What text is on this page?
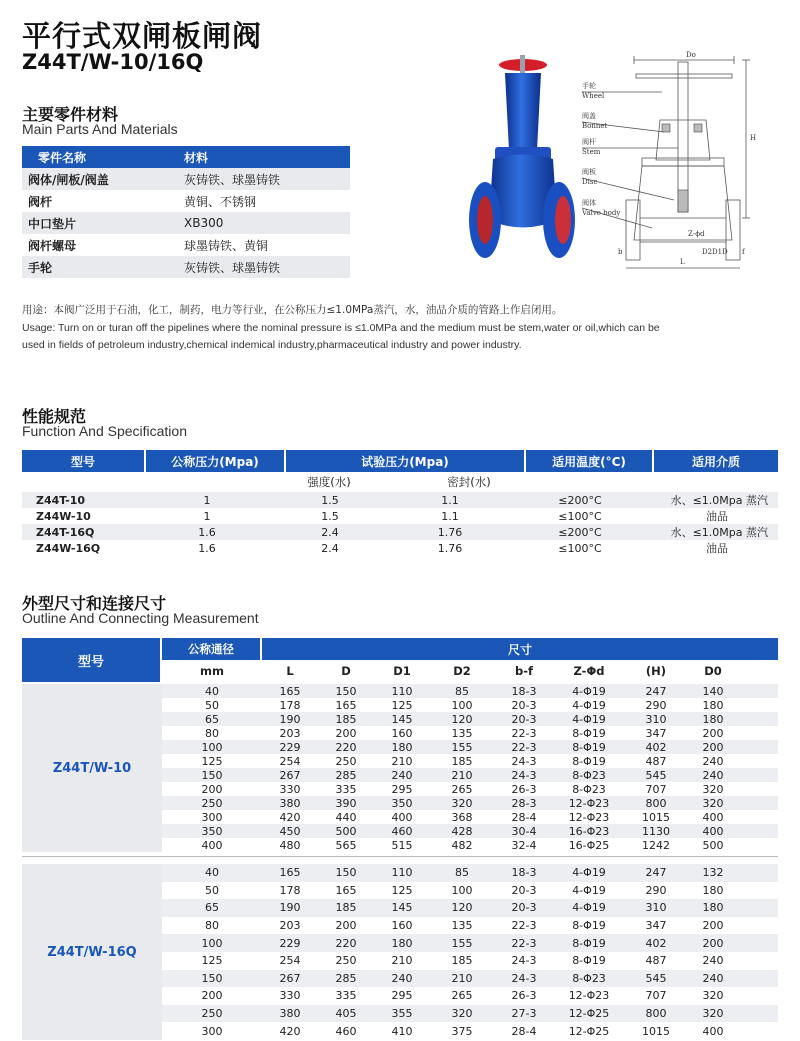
平行式双闸板闸阀
Z44T/W-10/16Q
主要零件材料
Main Parts And Materials
零件名称	材料
阀体/闸板/阀盖	灰铸铁、球墨铸铁
阀杆	黄铜、不锈钢
中口垫片	XB300
阀杆螺母	球墨铸铁、黄铜
手轮	灰铸铁、球墨铸铁
Do
H
L
手轮
Wheel
阀盖
Bonnet
阀杆
Stem
阀板
Disc
阀体
Valve body
b	D2 D1 D
Z-ϕd
f
用途：本阀广泛用于石油，化工，制药，电力等行业，在公称压力≤1.0MPa蒸汽，水，油品介质的管路上作启闭用。
Usage: Turn on or turan off the pipelines where the nominal pressure is ≤1.0MPa and the medium must be stem,water or oil,which can be used in fields of petroleum industry,chemical indemical industry,pharmaceutical industry and power industry.
性能规范
Function And Specification
型号	公称压力(Mpa)	试验压力(Mpa)	适用温度(°C)	适用介质
强度(水)	密封(水)
Z44T-10	1	1.5	1.1	≤200°C	水、≤1.0Mpa 蒸汽
Z44W-10	1	1.5	1.1	≤100°C	油品
Z44T-16Q	1.6	2.4	1.76	≤200°C	水、≤1.0Mpa 蒸汽
Z44W-16Q	1.6	2.4	1.76	≤100°C	油品
外型尺寸和连接尺寸
Outline And Connecting Measurement
型号
公称通径	尺寸
mm	L	D	D1	D2	b-f	Z-Φd	(H)	D0
Z44T/W-10
40	165	150	110	85	18-3	4-Φ19	247	140
50	178	165	125	100	20-3	4-Φ19	290	180
65	190	185	145	120	20-3	4-Φ19	310	180
80	203	200	160	135	22-3	8-Φ19	347	200
100	229	220	180	155	22-3	8-Φ19	402	200
125	254	250	210	185	24-3	8-Φ19	487	240
150	267	285	240	210	24-3	8-Φ23	545	240
200	330	335	295	265	26-3	8-Φ23	707	320
250	380	390	350	320	28-3	12-Φ23	800	320
300	420	440	400	368	28-4	12-Φ23	1015	400
350	450	500	460	428	30-4	16-Φ23	1130	400
400	480	565	515	482	32-4	16-Φ25	1242	500
Z44T/W-16Q
40	165	150	110	85	18-3	4-Φ19	247	132
50	178	165	125	100	20-3	4-Φ19	290	180
65	190	185	145	120	20-3	4-Φ19	310	180
80	203	200	160	135	22-3	8-Φ19	347	200
100	229	220	180	155	22-3	8-Φ19	402	200
125	254	250	210	185	24-3	8-Φ19	487	240
150	267	285	240	210	24-3	8-Φ23	545	240
200	330	335	295	265	26-3	12-Φ23	707	320
250	380	405	355	320	27-3	12-Φ25	800	320
300	420	460	410	375	28-4	12-Φ25	1015	400
